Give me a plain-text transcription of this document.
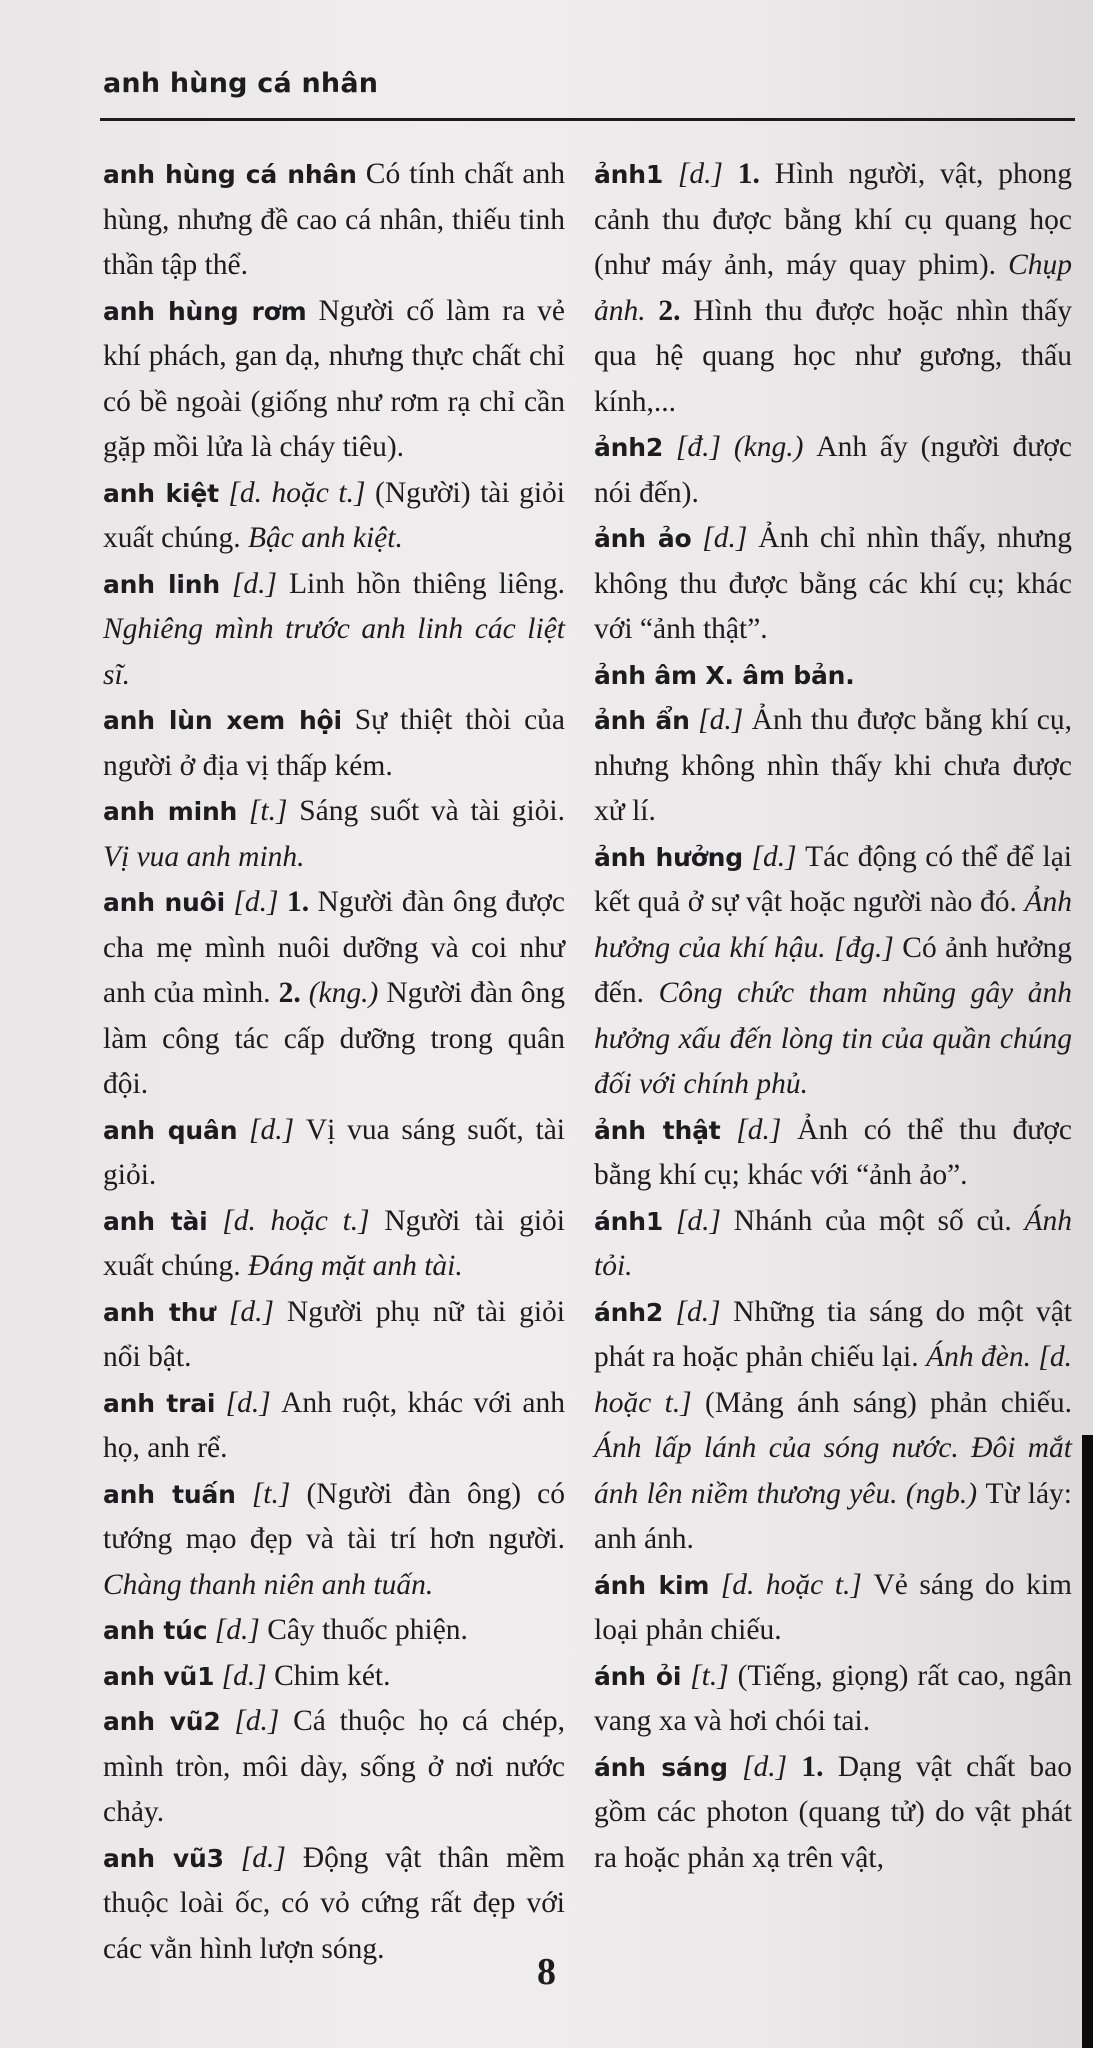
anh hùng cá nhân
anh hùng cá nhân Có tính chất anh hùng, nhưng đề cao cá nhân, thiếu tinh thần tập thể.
anh hùng rơm Người cố làm ra vẻ khí phách, gan dạ, nhưng thực chất chỉ có bề ngoài (giống như rơm rạ chỉ cần gặp mồi lửa là cháy tiêu).
anh kiệt [d. hoặc t.] (Người) tài giỏi xuất chúng. Bậc anh kiệt.
anh linh [d.] Linh hồn thiêng liêng. Nghiêng mình trước anh linh các liệt sĩ.
anh lùn xem hội Sự thiệt thòi của người ở địa vị thấp kém.
anh minh [t.] Sáng suốt và tài giỏi. Vị vua anh minh.
anh nuôi [d.] 1. Người đàn ông được cha mẹ mình nuôi dưỡng và coi như anh của mình. 2. (kng.) Người đàn ông làm công tác cấp dưỡng trong quân đội.
anh quân [d.] Vị vua sáng suốt, tài giỏi.
anh tài [d. hoặc t.] Người tài giỏi xuất chúng. Đáng mặt anh tài.
anh thư [d.] Người phụ nữ tài giỏi nổi bật.
anh trai [d.] Anh ruột, khác với anh họ, anh rể.
anh tuấn [t.] (Người đàn ông) có tướng mạo đẹp và tài trí hơn người. Chàng thanh niên anh tuấn.
anh túc [d.] Cây thuốc phiện.
anh vũ1 [d.] Chim két.
anh vũ2 [d.] Cá thuộc họ cá chép, mình tròn, môi dày, sống ở nơi nước chảy.
anh vũ3 [d.] Động vật thân mềm thuộc loài ốc, có vỏ cứng rất đẹp với các vằn hình lượn sóng.
ảnh1 [d.] 1. Hình người, vật, phong cảnh thu được bằng khí cụ quang học (như máy ảnh, máy quay phim). Chụp ảnh. 2. Hình thu được hoặc nhìn thấy qua hệ quang học như gương, thấu kính,...
ảnh2 [đ.] (kng.) Anh ấy (người được nói đến).
ảnh ảo [d.] Ảnh chỉ nhìn thấy, nhưng không thu được bằng các khí cụ; khác với “ảnh thật”.
ảnh âm X. âm bản.
ảnh ẩn [d.] Ảnh thu được bằng khí cụ, nhưng không nhìn thấy khi chưa được xử lí.
ảnh hưởng [d.] Tác động có thể để lại kết quả ở sự vật hoặc người nào đó. Ảnh hưởng của khí hậu. [đg.] Có ảnh hưởng đến. Công chức tham nhũng gây ảnh hưởng xấu đến lòng tin của quần chúng đối với chính phủ.
ảnh thật [d.] Ảnh có thể thu được bằng khí cụ; khác với “ảnh ảo”.
ánh1 [d.] Nhánh của một số củ. Ánh tỏi.
ánh2 [d.] Những tia sáng do một vật phát ra hoặc phản chiếu lại. Ánh đèn. [d. hoặc t.] (Mảng ánh sáng) phản chiếu. Ánh lấp lánh của sóng nước. Đôi mắt ánh lên niềm thương yêu. (ngb.) Từ láy: anh ánh.
ánh kim [d. hoặc t.] Vẻ sáng do kim loại phản chiếu.
ánh ỏi [t.] (Tiếng, giọng) rất cao, ngân vang xa và hơi chói tai.
ánh sáng [d.] 1. Dạng vật chất bao gồm các photon (quang tử) do vật phát ra hoặc phản xạ trên vật,
8
